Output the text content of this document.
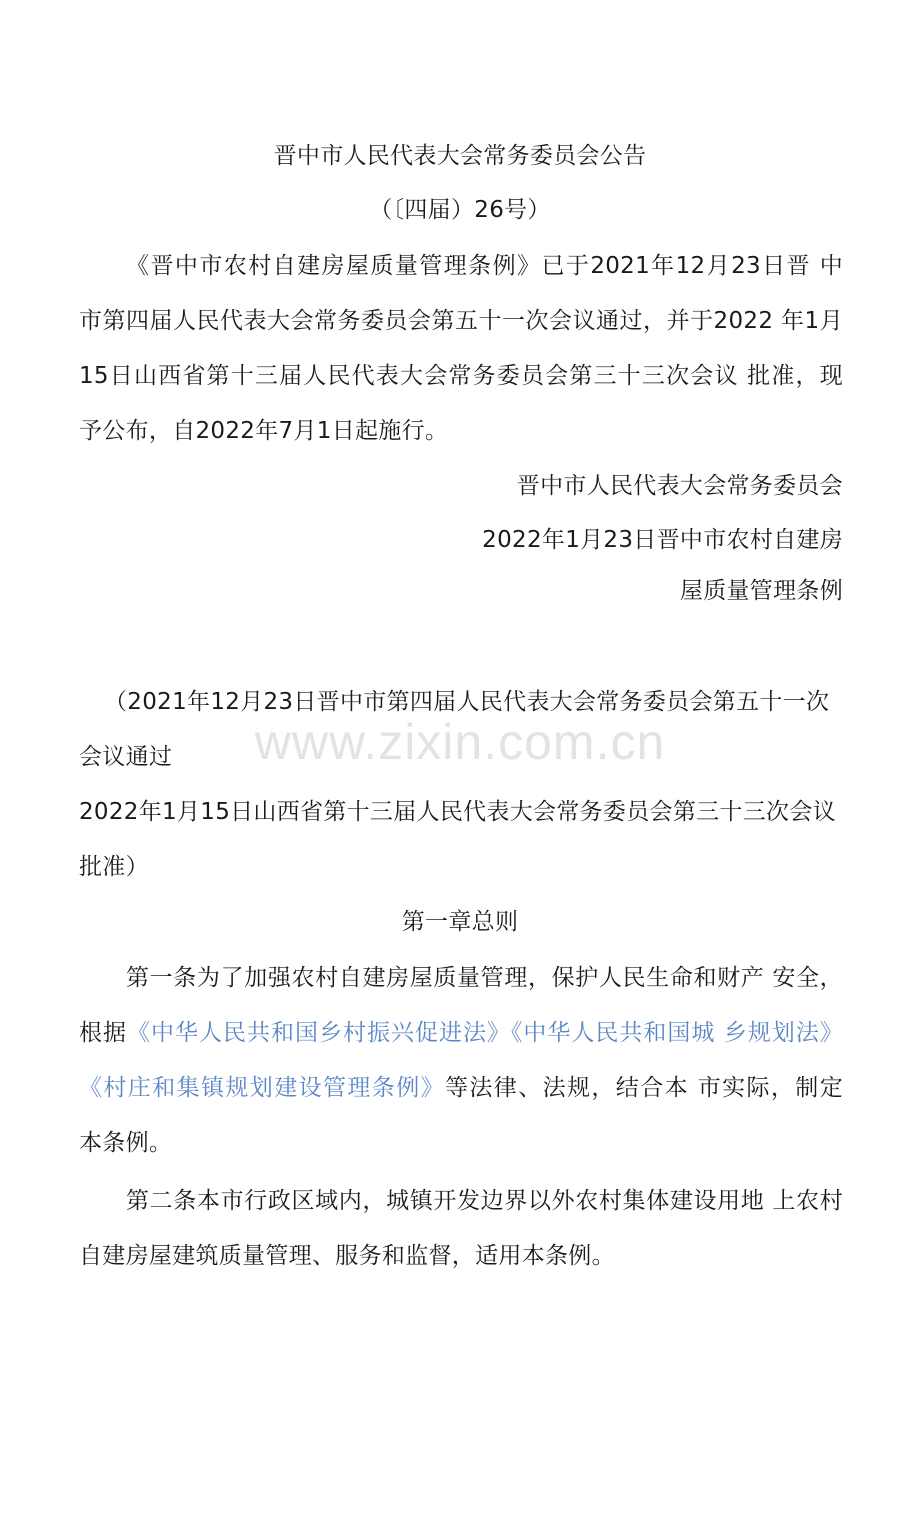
晋中市人民代表大会常务委员会公告
（〔四届）26号）
《晋中市农村自建房屋质量管理条例》已于2021年12月23日晋 中
市第四届人民代表大会常务委员会第五十一次会议通过，并于2022 年1月
15日山西省第十三届人民代表大会常务委员会第三十三次会议 批准，现
予公布，自2022年7月1日起施行。
晋中市人民代表大会常务委员会
2022年1月23日晋中市农村自建房
屋质量管理条例
www.zixin.com.cn
（2021年12月23日晋中市第四届人民代表大会常务委员会第五十一次
会议通过
2022年1月15日山西省第十三届人民代表大会常务委员会第三十三次会议
批准）
第一章总则
第一条为了加强农村自建房屋质量管理，保护人民生命和财产 安全，
根据《中华人民共和国乡村振兴促进法》《中华人民共和国城 乡规划法》
《村庄和集镇规划建设管理条例》等法律、法规，结合本 市实际，制定
本条例。
第二条本市行政区域内，城镇开发边界以外农村集体建设用地 上农村
自建房屋建筑质量管理、服务和监督，适用本条例。
